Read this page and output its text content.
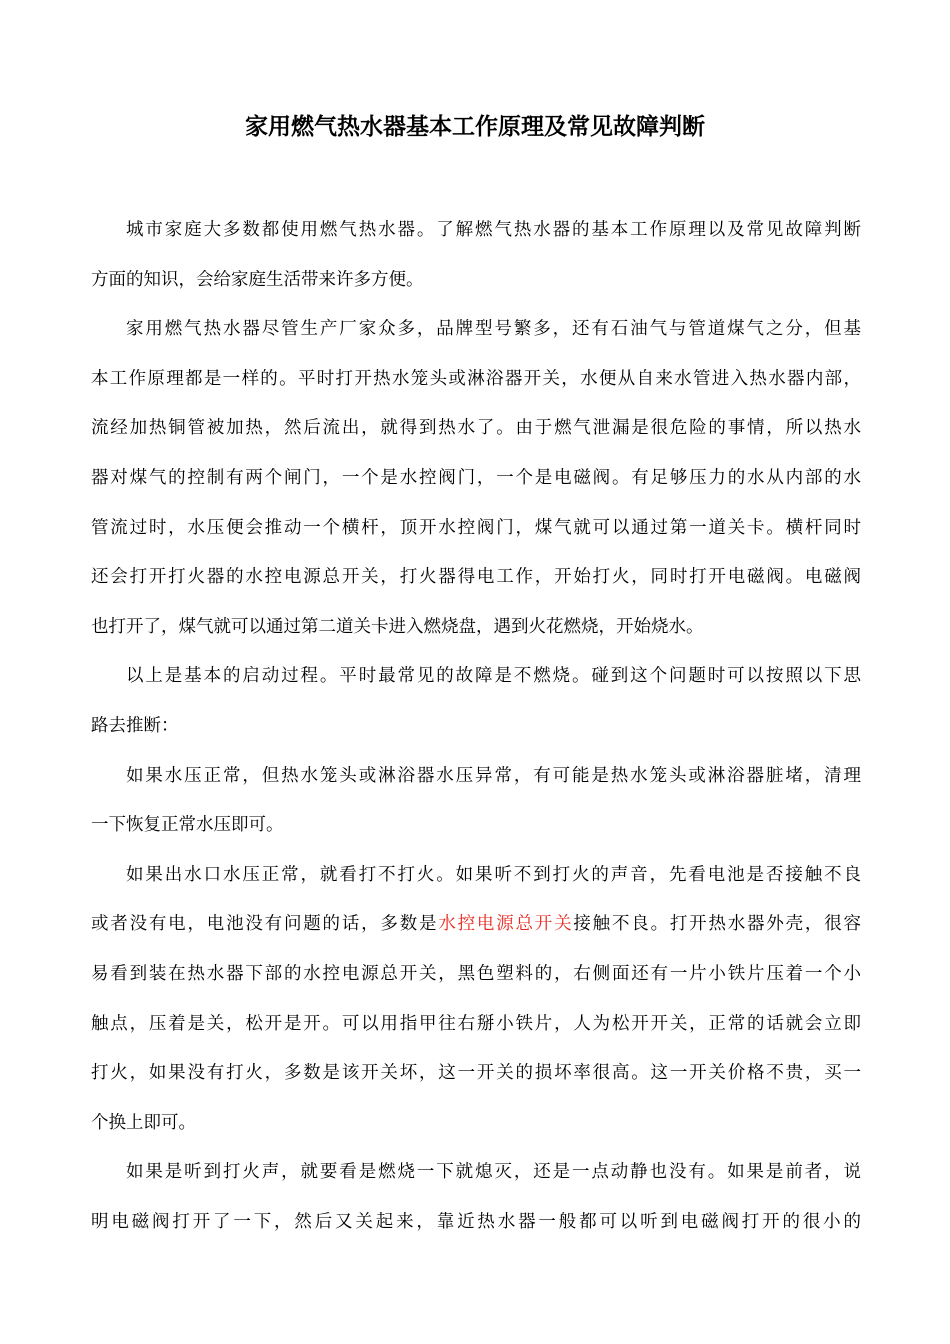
家用燃气热水器基本工作原理及常见故障判断

城市家庭大多数都使用燃气热水器。了解燃气热水器的基本工作原理以及常见故障判断
方面的知识，会给家庭生活带来许多方便。

家用燃气热水器尽管生产厂家众多，品牌型号繁多，还有石油气与管道煤气之分，但基
本工作原理都是一样的。平时打开热水笼头或淋浴器开关，水便从自来水管进入热水器内部，
流经加热铜管被加热，然后流出，就得到热水了。由于燃气泄漏是很危险的事情，所以热水
器对煤气的控制有两个闸门，一个是水控阀门，一个是电磁阀。有足够压力的水从内部的水
管流过时，水压便会推动一个横杆，顶开水控阀门，煤气就可以通过第一道关卡。横杆同时
还会打开打火器的水控电源总开关，打火器得电工作，开始打火，同时打开电磁阀。电磁阀
也打开了，煤气就可以通过第二道关卡进入燃烧盘，遇到火花燃烧，开始烧水。

以上是基本的启动过程。平时最常见的故障是不燃烧。碰到这个问题时可以按照以下思
路去推断：

如果水压正常，但热水笼头或淋浴器水压异常，有可能是热水笼头或淋浴器脏堵，清理
一下恢复正常水压即可。

如果出水口水压正常，就看打不打火。如果听不到打火的声音，先看电池是否接触不良
或者没有电，电池没有问题的话，多数是水控电源总开关接触不良。打开热水器外壳，很容
易看到装在热水器下部的水控电源总开关，黑色塑料的，右侧面还有一片小铁片压着一个小
触点，压着是关，松开是开。可以用指甲往右掰小铁片，人为松开开关，正常的话就会立即
打火，如果没有打火，多数是该开关坏，这一开关的损坏率很高。这一开关价格不贵，买一
个换上即可。

如果是听到打火声，就要看是燃烧一下就熄灭，还是一点动静也没有。如果是前者，说
明电磁阀打开了一下，然后又关起来，靠近热水器一般都可以听到电磁阀打开的很小的
